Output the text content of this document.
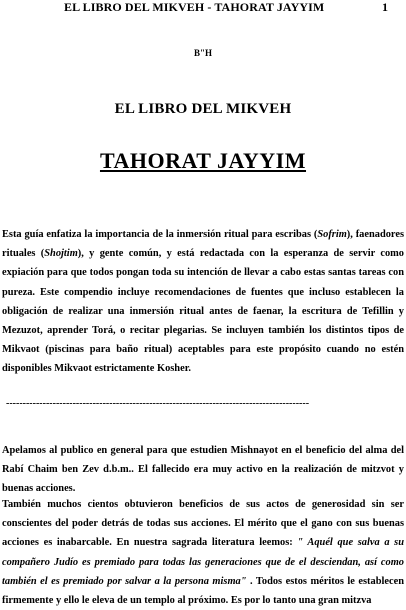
EL LIBRO DEL MIKVEH - TAHORAT JAYYIM	1
B"H
EL LIBRO DEL MIKVEH
TAHORAT JAYYIM
Esta guía enfatiza la importancia de la inmersión ritual para escribas (Sofrim), faenadores rituales (Shojtim), y gente común, y está redactada con la esperanza de servir como expiación para que todos pongan toda su intención de llevar a cabo estas santas tareas con pureza. Este compendio incluye recomendaciones de fuentes que incluso establecen la obligación de realizar una inmersión ritual antes de faenar, la escritura de Tefillin y Mezuzot, aprender Torá, o recitar plegarias. Se incluyen también los distintos tipos de Mikvaot (piscinas para baño ritual) aceptables para este propósito cuando no estén disponibles Mikvaot estrictamente Kosher.
-------------------------------------------------------------------------------------------
Apelamos al publico en general para que estudien Mishnayot en el beneficio del alma del Rabí Chaim ben Zev d.b.m.. El fallecido era muy activo en la realización de mitzvot y buenas acciones.
También muchos cientos obtuvieron beneficios de sus actos de generosidad sin ser conscientes del poder detrás de todas sus acciones. El mérito que el gano con sus buenas acciones es inabarcable. En nuestra sagrada literatura leemos: " Aquél que salva a su compañero Judío es premiado para todas las generaciones que de el desciendan, así como también el es premiado por salvar a la persona misma" . Todos estos méritos le establecen firmemente y ello le eleva de un templo al próximo. Es por lo tanto una gran mitzva
